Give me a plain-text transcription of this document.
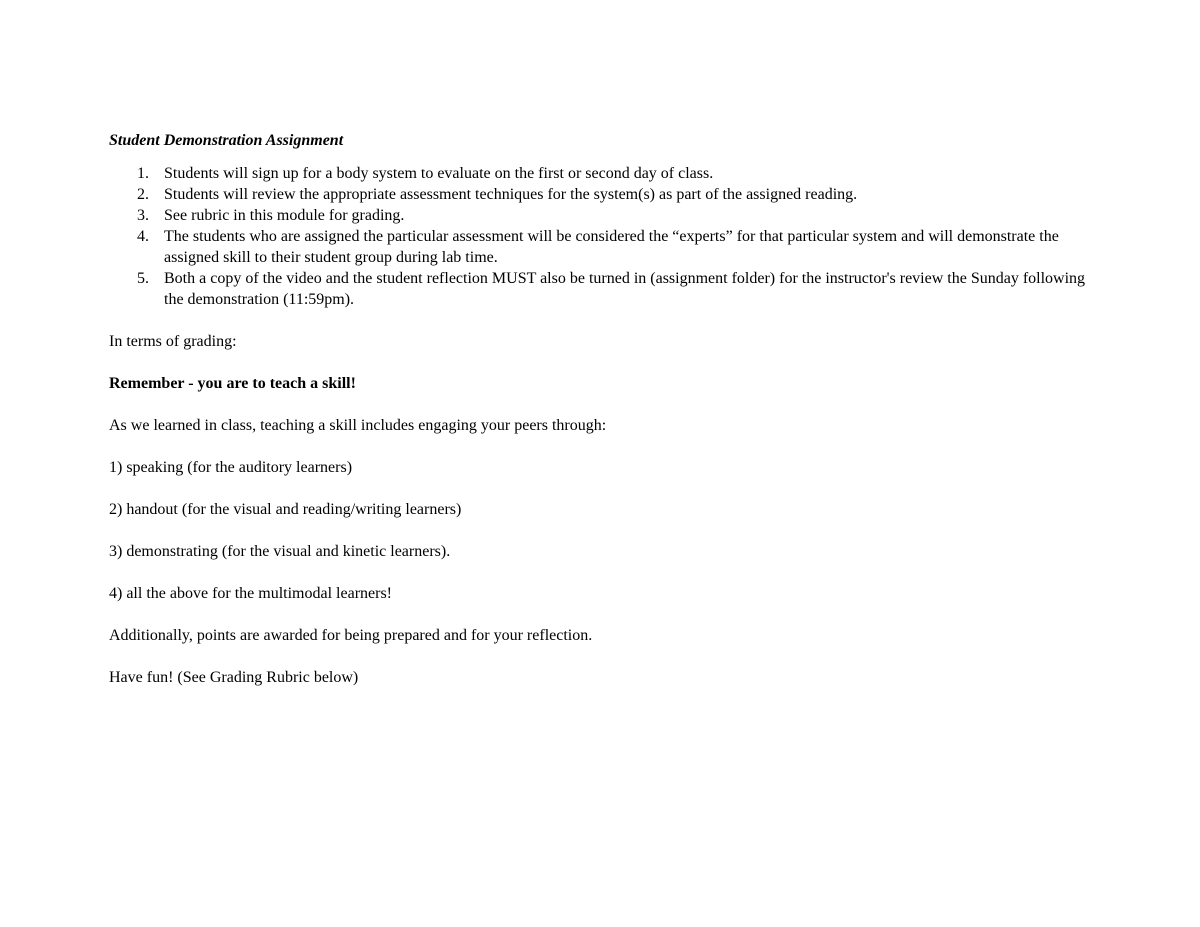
Student Demonstration Assignment

1. Students will sign up for a body system to evaluate on the first or second day of class.
2. Students will review the appropriate assessment techniques for the system(s) as part of the assigned reading.
3. See rubric in this module for grading.
4. The students who are assigned the particular assessment will be considered the “experts” for that particular system and will demonstrate the assigned skill to their student group during lab time.
5. Both a copy of the video and the student reflection MUST also be turned in (assignment folder) for the instructor's review the Sunday following the demonstration (11:59pm).

In terms of grading:

Remember - you are to teach a skill!

As we learned in class, teaching a skill includes engaging your peers through:

1) speaking (for the auditory learners)

2) handout (for the visual and reading/writing learners)

3) demonstrating (for the visual and kinetic learners).

4) all the above for the multimodal learners!

Additionally, points are awarded for being prepared and for your reflection.

Have fun! (See Grading Rubric below)
